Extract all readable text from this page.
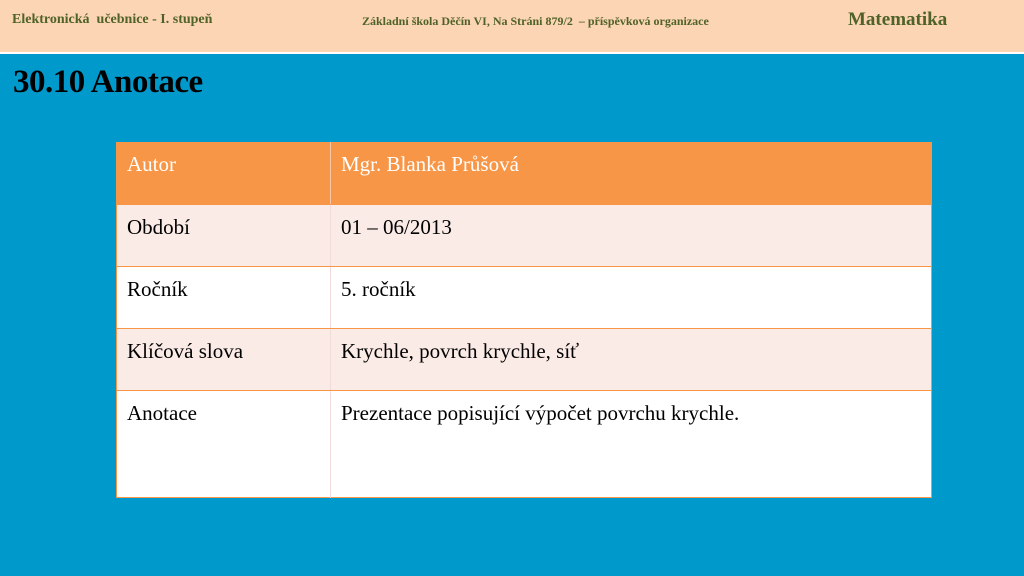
Elektronická  učebnice - I. stupeň	Základní škola Děčín VI, Na Stráni 879/2  – příspěvková organizace	Matematika
30.10 Anotace
Autor	Mgr. Blanka Průšová
Období	01 – 06/2013
Ročník	5. ročník
Klíčová slova	Krychle, povrch krychle, síť
Anotace	Prezentace popisující výpočet povrchu krychle.
